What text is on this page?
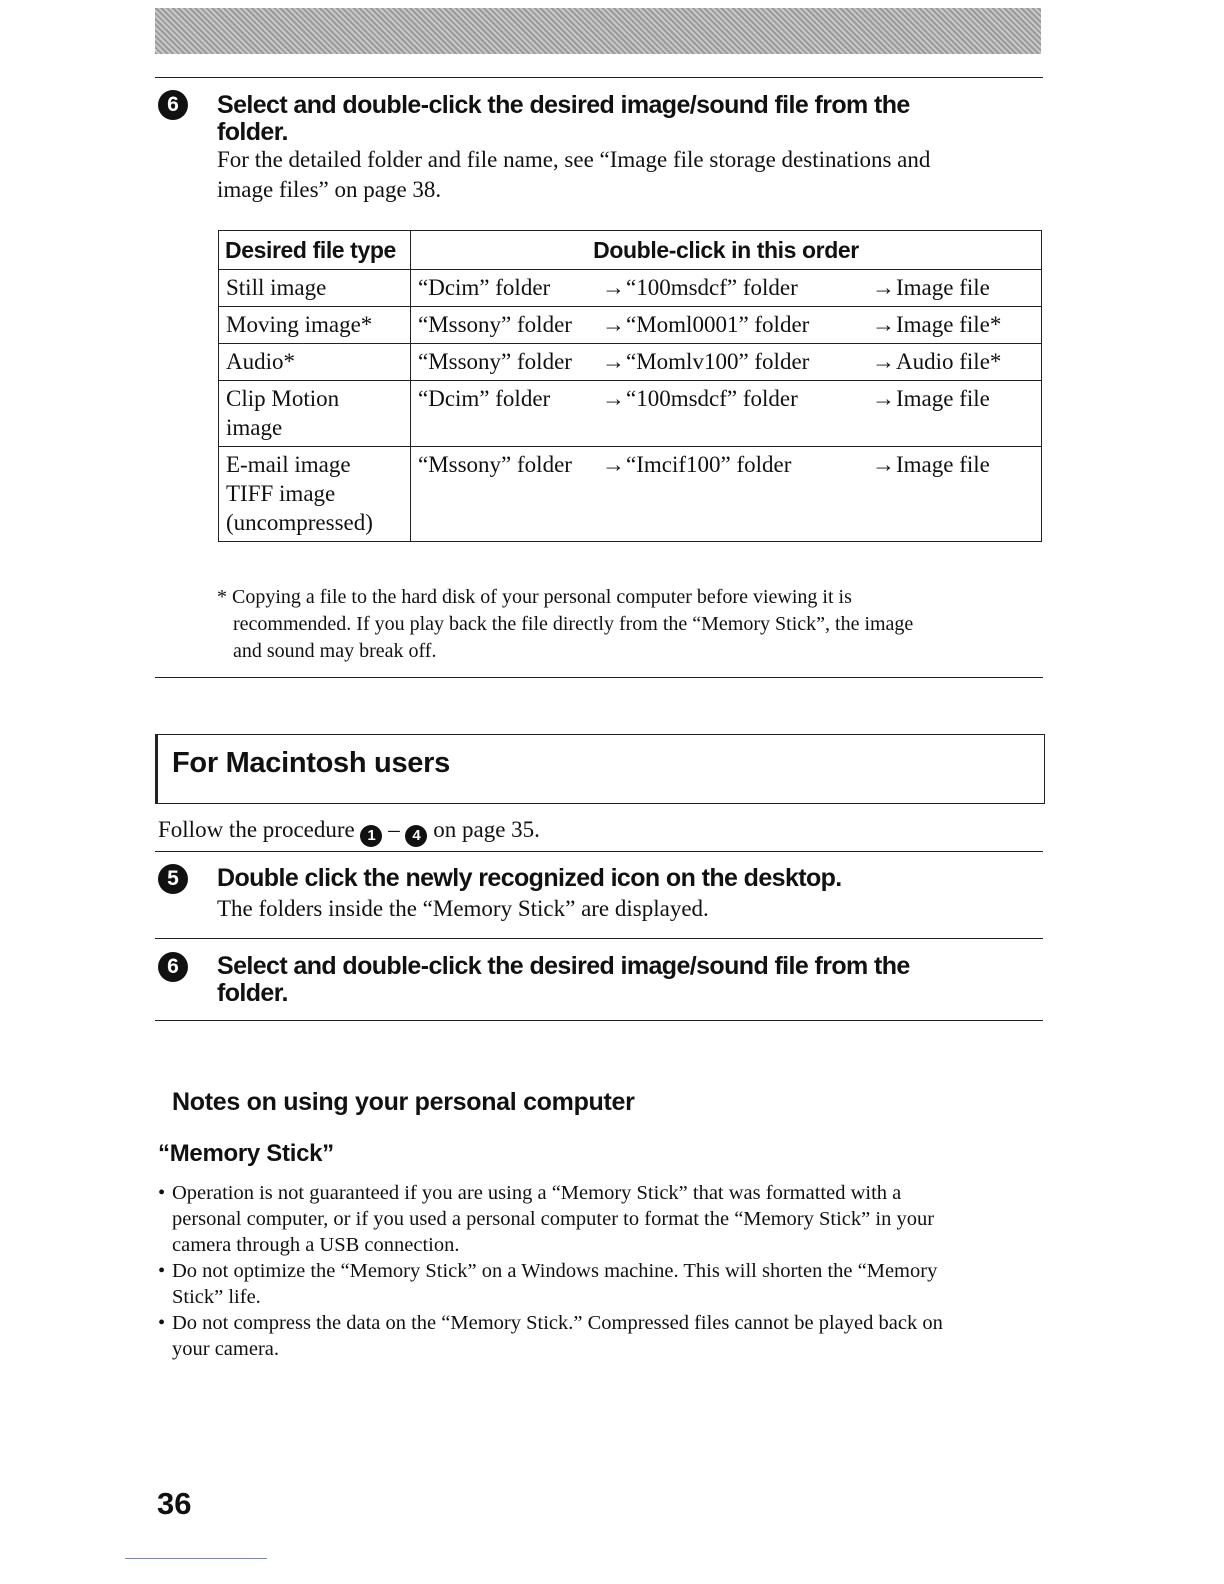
6	Select and double-click the desired image/sound file from the
folder.
For the detailed folder and file name, see “Image file storage destinations and
image files” on page 38.
Desired file type	Double-click in this order

Still image	“Dcim” folder →“100msdcf” folder →Image file

Moving image*	“Mssony” folder →“Moml0001” folder →Image file*

Audio*	“Mssony” folder →“Momlv100” folder →Audio file*

Clip Motion
image	“Dcim” folder →“100msdcf” folder →Image file

E-mail image
TIFF image
(uncompressed)	“Mssony” folder →“Imcif100” folder →Image file
* Copying a file to the hard disk of your personal computer before viewing it is
recommended. If you play back the file directly from the “Memory Stick”, the image
and sound may break off.
For Macintosh users
Follow the procedure 1 – 4 on page 35.
5	Double click the newly recognized icon on the desktop.
The folders inside the “Memory Stick” are displayed.
6	Select and double-click the desired image/sound file from the
folder.
Notes on using your personal computer
“Memory Stick”
• Operation is not guaranteed if you are using a “Memory Stick” that was formatted with a
personal computer, or if you used a personal computer to format the “Memory Stick” in your
camera through a USB connection.
• Do not optimize the “Memory Stick” on a Windows machine. This will shorten the “Memory
Stick” life.
• Do not compress the data on the “Memory Stick.” Compressed files cannot be played back on
your camera.
36
